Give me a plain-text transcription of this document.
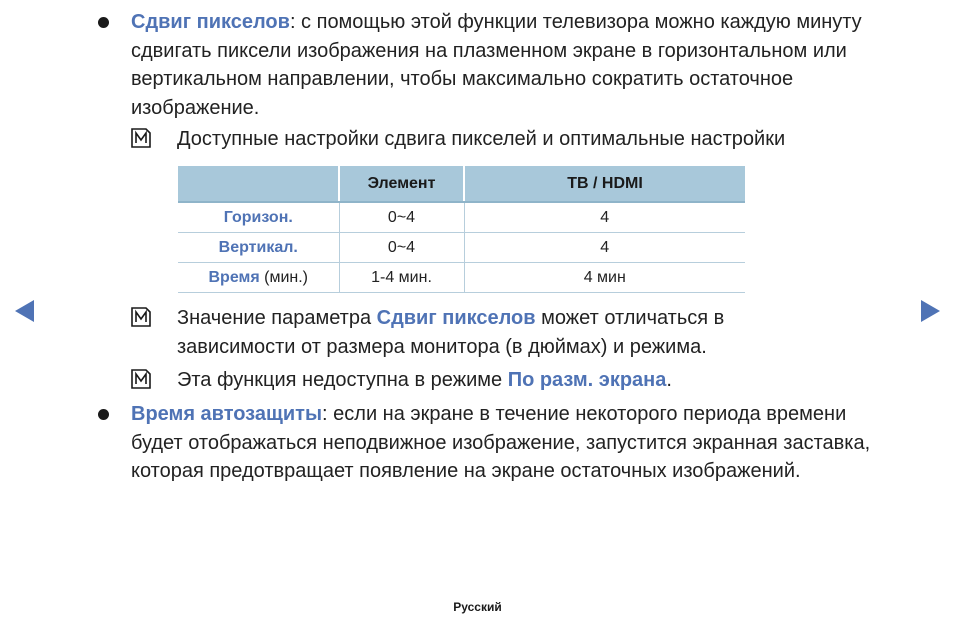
Сдвиг пикселов: с помощью этой функции телевизора можно каждую минуту сдвигать пиксели изображения на плазменном экране в горизонтальном или вертикальном направлении, чтобы максимально сократить остаточное изображение.
Доступные настройки сдвига пикселей и оптимальные настройки
	Элемент	ТВ / HDMI
Горизон.	0~4	4
Вертикал.	0~4	4
Время (мин.)	1-4 мин.	4 мин
Значение параметра Сдвиг пикселов может отличаться в зависимости от размера монитора (в дюймах) и режима.
Эта функция недоступна в режиме По разм. экрана.
Время автозащиты: если на экране в течение некоторого периода времени будет отображаться неподвижное изображение, запустится экранная заставка, которая предотвращает появление на экране остаточных изображений.
Русский
